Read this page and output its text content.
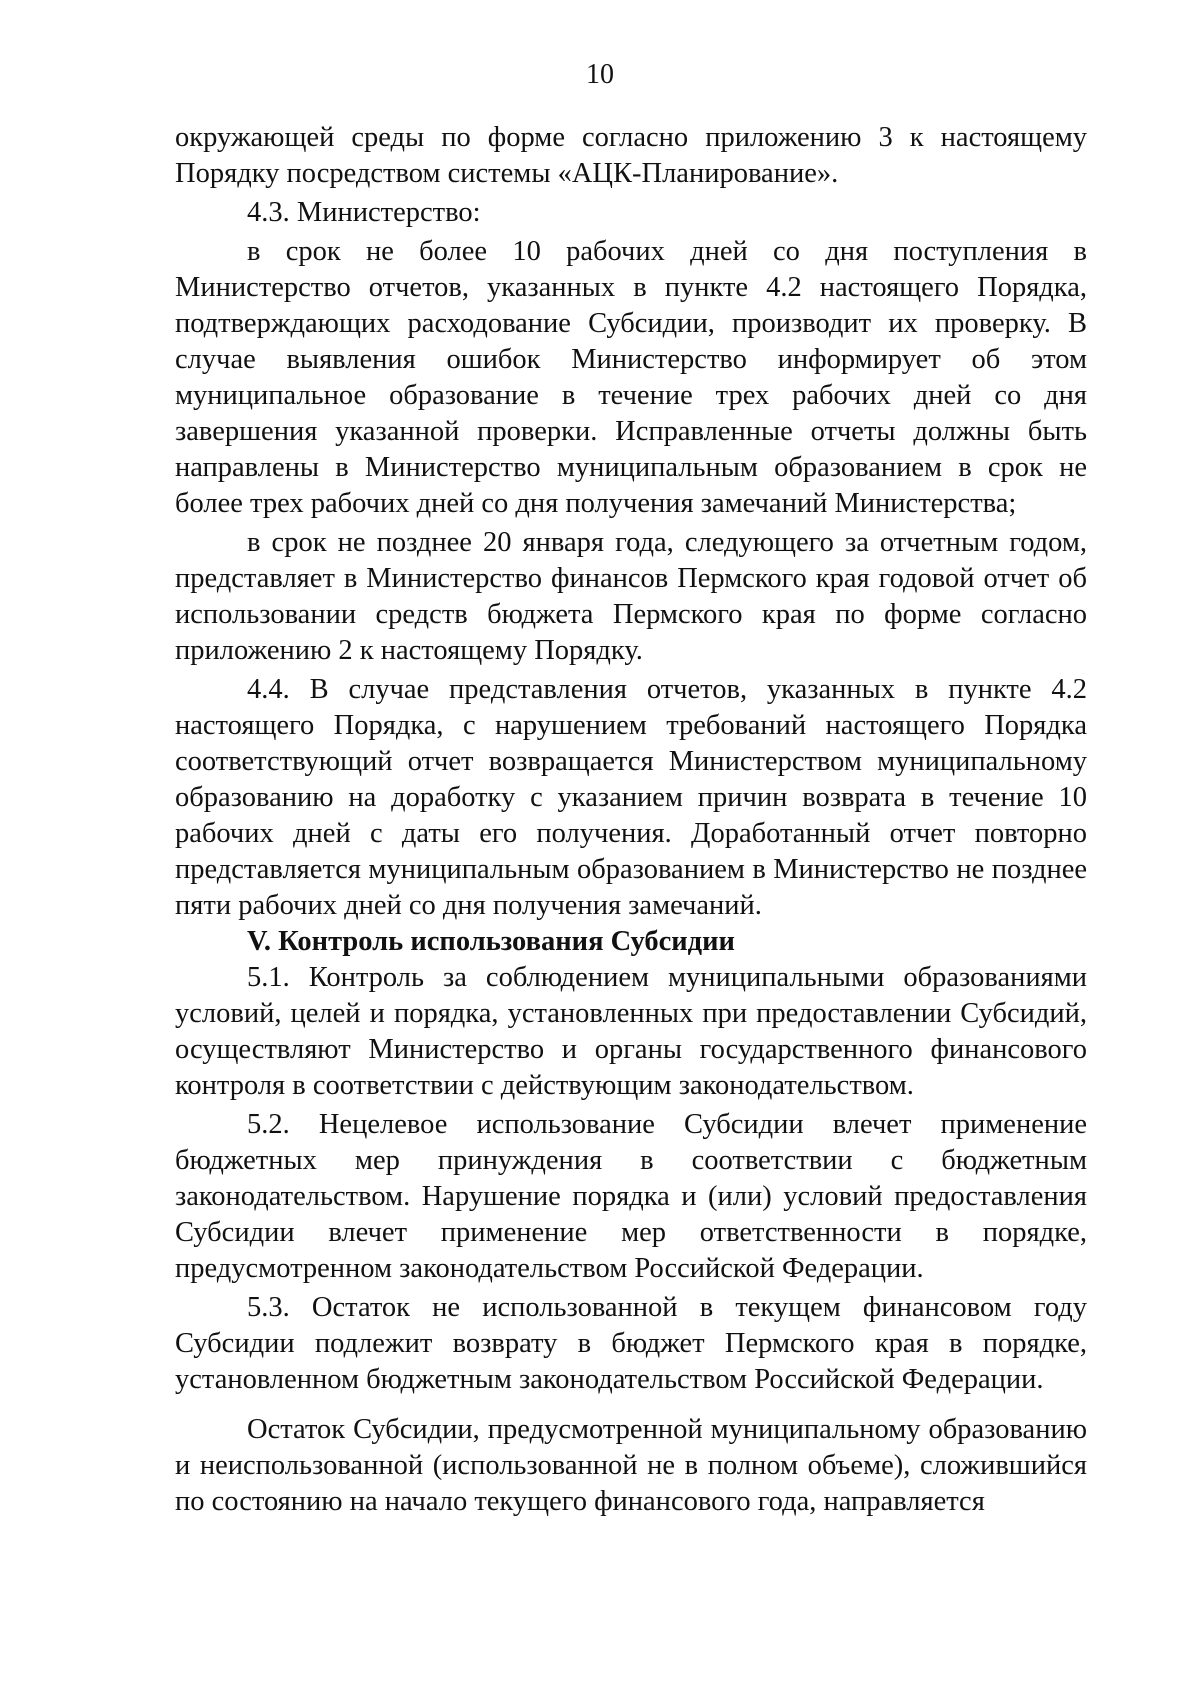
10

окружающей среды по форме согласно приложению 3 к настоящему Порядку посредством системы «АЦК-Планирование».

4.3. Министерство:

в срок не более 10 рабочих дней со дня поступления в Министерство отчетов, указанных в пункте 4.2 настоящего Порядка, подтверждающих расходование Субсидии, производит их проверку. В случае выявления ошибок Министерство информирует об этом муниципальное образование в течение трех рабочих дней со дня завершения указанной проверки. Исправленные отчеты должны быть направлены в Министерство муниципальным образованием в срок не более трех рабочих дней со дня получения замечаний Министерства;

в срок не позднее 20 января года, следующего за отчетным годом, представляет в Министерство финансов Пермского края годовой отчет об использовании средств бюджета Пермского края по форме согласно приложению 2 к настоящему Порядку.

4.4. В случае представления отчетов, указанных в пункте 4.2 настоящего Порядка, с нарушением требований настоящего Порядка соответствующий отчет возвращается Министерством муниципальному образованию на доработку с указанием причин возврата в течение 10 рабочих дней с даты его получения. Доработанный отчет повторно представляется муниципальным образованием в Министерство не позднее пяти рабочих дней со дня получения замечаний.

V. Контроль использования Субсидии

5.1. Контроль за соблюдением муниципальными образованиями условий, целей и порядка, установленных при предоставлении Субсидий, осуществляют Министерство и органы государственного финансового контроля в соответствии с действующим законодательством.

5.2. Нецелевое использование Субсидии влечет применение бюджетных мер принуждения в соответствии с бюджетным законодательством. Нарушение порядка и (или) условий предоставления Субсидии влечет применение мер ответственности в порядке, предусмотренном законодательством Российской Федерации.

5.3. Остаток не использованной в текущем финансовом году Субсидии подлежит возврату в бюджет Пермского края в порядке, установленном бюджетным законодательством Российской Федерации.

Остаток Субсидии, предусмотренной муниципальному образованию и неиспользованной (использованной не в полном объеме), сложившийся по состоянию на начало текущего финансового года, направляется
